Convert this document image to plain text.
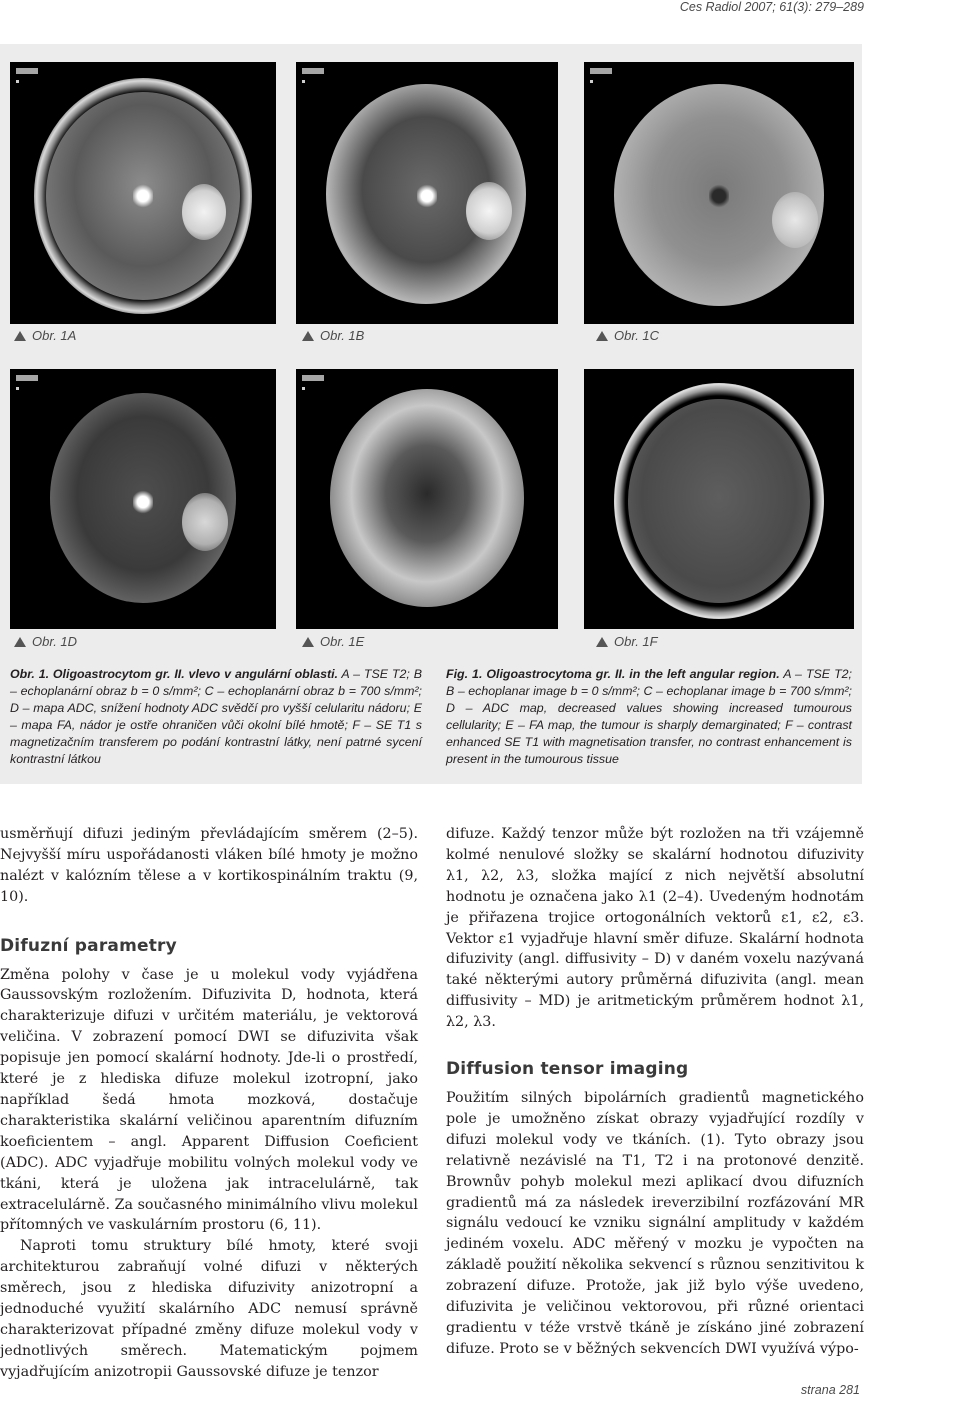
Ces Radiol 2007; 61(3): 279–289
Obr. 1A	Obr. 1B	Obr. 1C
Obr. 1D	Obr. 1E	Obr. 1F
Obr. 1. Oligoastrocytom gr. II. vlevo v angulární oblasti. A – TSE T2; B – echoplanární obraz b = 0 s/mm²; C – echoplanární obraz b = 700 s/mm²; D – mapa ADC, snížení hodnoty ADC svědčí pro vyšší celularitu nádoru; E – mapa FA, nádor je ostře ohraničen vůči okolní bílé hmotě; F – SE T1 s magnetizačním transferem po podání kontrastní látky, není patrné sycení kontrastní látkou
Fig. 1. Oligoastrocytoma gr. II. in the left angular region. A – TSE T2; B – echoplanar image b = 0 s/mm²; C – echoplanar image b = 700 s/mm²; D – ADC map, decreased values showing increased tumourous cellularity; E – FA map, the tumour is sharply demarginated; F – contrast enhanced SE T1 with magnetisation transfer, no contrast enhancement is present in the tumourous tissue

usměrňují difuzi jediným převládajícím směrem (2–5). Nejvyšší míru uspořádanosti vláken bílé hmoty je možno nalézt v kalózním tělese a v kortikospinálním traktu (9, 10).

Difuzní parametry

Změna polohy v čase je u molekul vody vyjádřena Gaussovským rozložením. Difuzivita D, hodnota, která charakterizuje difuzi v určitém materiálu, je vektorová veličina. V zobrazení pomocí DWI se difuzivita však popisuje jen pomocí skalární hodnoty. Jde-li o prostředí, které je z hlediska difuze molekul izotropní, jako například šedá hmota mozková, dostačuje charakteristika skalární veličinou aparentním difuzním koeficientem – angl. Apparent Diffusion Coeficient (ADC). ADC vyjadřuje mobilitu volných molekul vody ve tkáni, která je uložena jak intracelulárně, tak extracelulárně. Za současného minimálního vlivu molekul přítomných ve vaskulárním prostoru (6, 11).

Naproti tomu struktury bílé hmoty, které svoji architekturou zabraňují volné difuzi v některých směrech, jsou z hlediska difuzivity anizotropní a jednoduché využití skalárního ADC nemusí správně charakterizovat případné změny difuze molekul vody v jednotlivých směrech. Matematickým pojmem vyjadřujícím anizotropii Gaussovské difuze je tenzor

difuze. Každý tenzor může být rozložen na tři vzájemně kolmé nenulové složky se skalární hodnotou difuzivity λ1, λ2, λ3, složka mající z nich největší absolutní hodnotu je označena jako λ1 (2–4). Uvedeným hodnotám je přiřazena trojice ortogonálních vektorů ε1, ε2, ε3. Vektor ε1 vyjadřuje hlavní směr difuze. Skalární hodnota difuzivity (angl. diffusivity – D) v daném voxelu nazývaná také některými autory průměrná difuzivita (angl. mean diffusivity – MD) je aritmetickým průměrem hodnot λ1, λ2, λ3.

Diffusion tensor imaging

Použitím silných bipolárních gradientů magnetického pole je umožněno získat obrazy vyjadřující rozdíly v difuzi molekul vody ve tkáních. (1). Tyto obrazy jsou relativně nezávislé na T1, T2 i na protonové denzitě. Brownův pohyb molekul mezi aplikací dvou difuzních gradientů má za následek ireverzibilní rozfázování MR signálu vedoucí ke vzniku signální amplitudy v každém jediném voxelu. ADC měřený v mozku je vypočten na základě použití několika sekvencí s různou senzitivitou k zobrazení difuze. Protože, jak již bylo výše uvedeno, difuzivita je veličinou vektorovou, při různé orientaci gradientu v téže vrstvě tkáně je získáno jiné zobrazení difuze. Proto se v běžných sekvencích DWI využívá výpo-

strana 281
